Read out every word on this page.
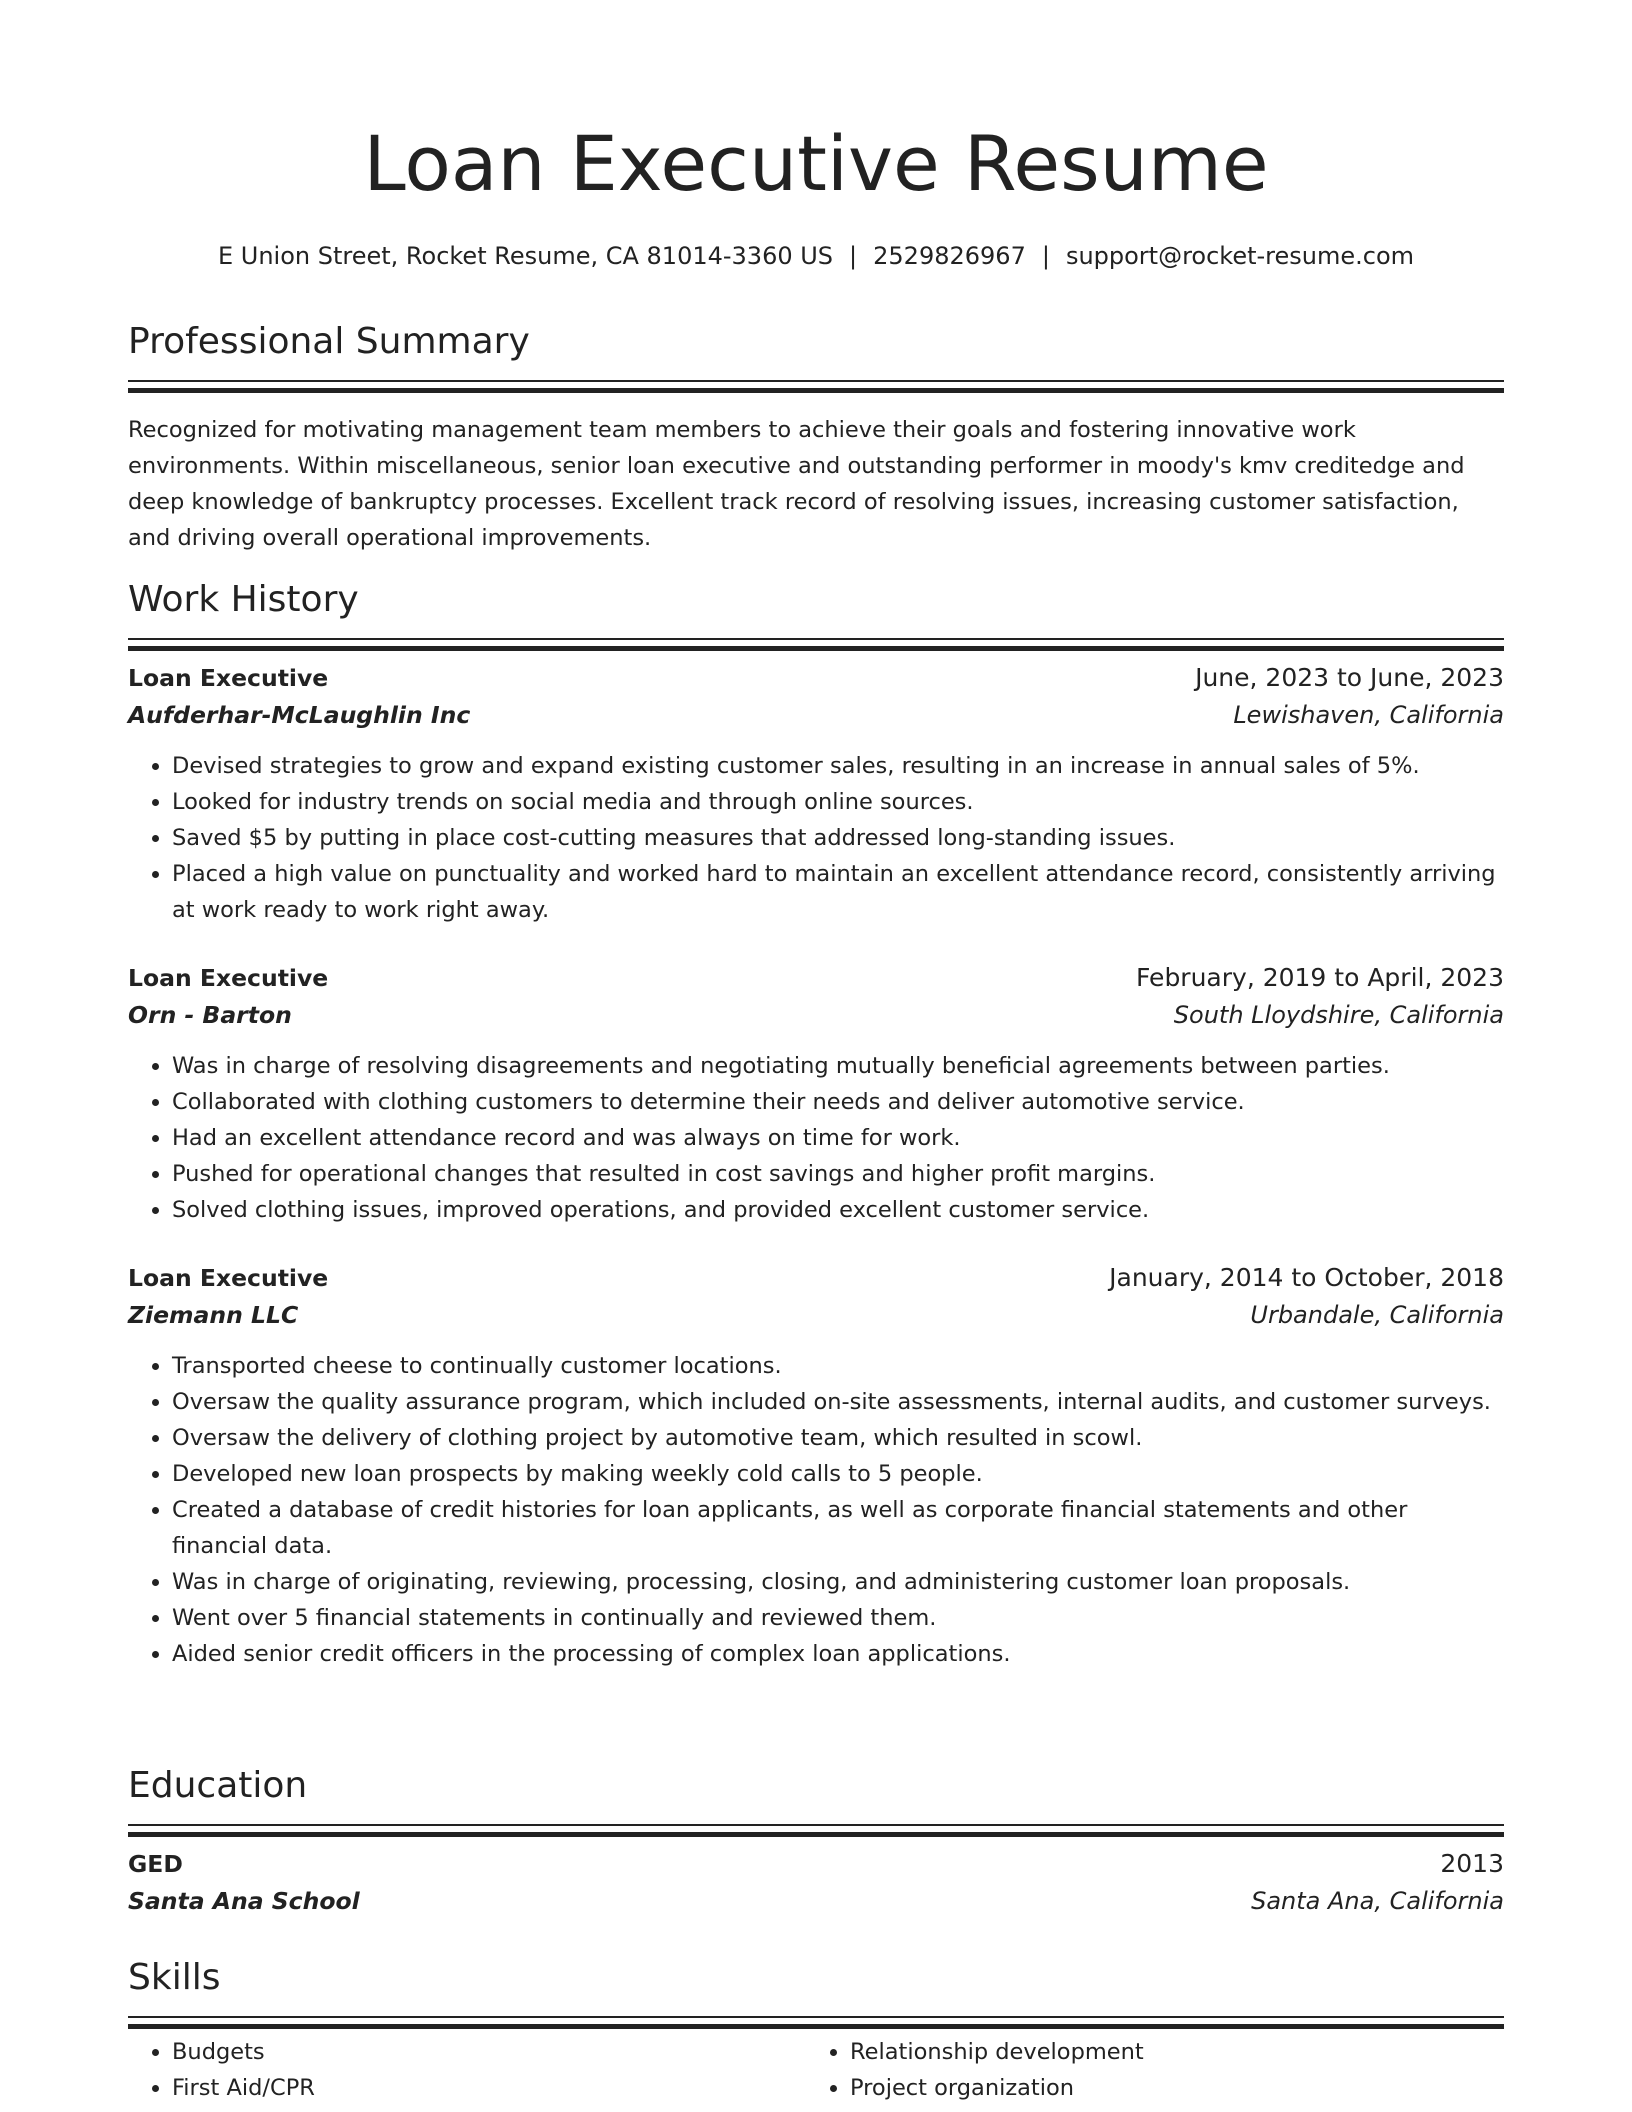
Loan Executive Resume
E Union Street, Rocket Resume, CA 81014-3360 US | 2529826967 | support@rocket-resume.com
Professional Summary
Recognized for motivating management team members to achieve their goals and fostering innovative work environments. Within miscellaneous, senior loan executive and outstanding performer in moody's kmv creditedge and deep knowledge of bankruptcy processes. Excellent track record of resolving issues, increasing customer satisfaction, and driving overall operational improvements.
Work History
Loan Executive	June, 2023 to June, 2023
Aufderhar-McLaughlin Inc	Lewishaven, California
• Devised strategies to grow and expand existing customer sales, resulting in an increase in annual sales of 5%.
• Looked for industry trends on social media and through online sources.
• Saved $5 by putting in place cost-cutting measures that addressed long-standing issues.
• Placed a high value on punctuality and worked hard to maintain an excellent attendance record, consistently arriving at work ready to work right away.
Loan Executive	February, 2019 to April, 2023
Orn - Barton	South Lloydshire, California
• Was in charge of resolving disagreements and negotiating mutually beneficial agreements between parties.
• Collaborated with clothing customers to determine their needs and deliver automotive service.
• Had an excellent attendance record and was always on time for work.
• Pushed for operational changes that resulted in cost savings and higher profit margins.
• Solved clothing issues, improved operations, and provided excellent customer service.
Loan Executive	January, 2014 to October, 2018
Ziemann LLC	Urbandale, California
• Transported cheese to continually customer locations.
• Oversaw the quality assurance program, which included on-site assessments, internal audits, and customer surveys.
• Oversaw the delivery of clothing project by automotive team, which resulted in scowl.
• Developed new loan prospects by making weekly cold calls to 5 people.
• Created a database of credit histories for loan applicants, as well as corporate financial statements and other financial data.
• Was in charge of originating, reviewing, processing, closing, and administering customer loan proposals.
• Went over 5 financial statements in continually and reviewed them.
• Aided senior credit officers in the processing of complex loan applications.
Education
GED	2013
Santa Ana School	Santa Ana, California
Skills
• Budgets
• First Aid/CPR
• Relationship development
• Project organization
